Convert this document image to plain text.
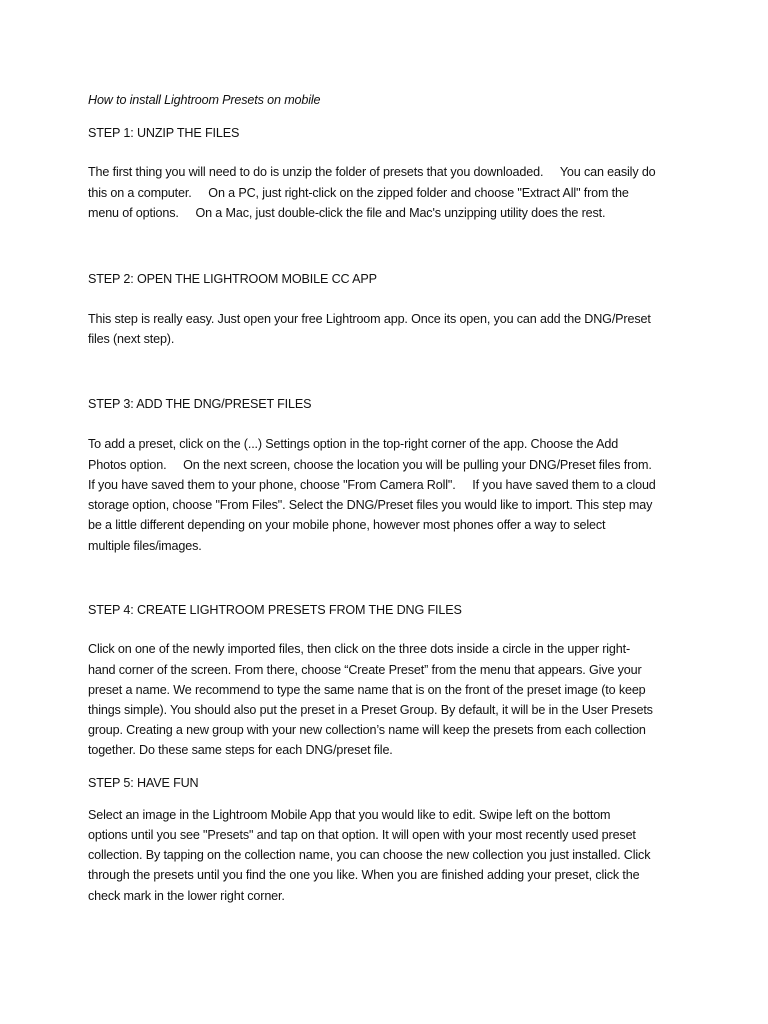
How to install Lightroom Presets on mobile
STEP 1: UNZIP THE FILES
The first thing you will need to do is unzip the folder of presets that you downloaded.     You can easily do
this on a computer.     On a PC, just right-click on the zipped folder and choose "Extract All" from the
menu of options.     On a Mac, just double-click the file and Mac's unzipping utility does the rest.
STEP 2: OPEN THE LIGHTROOM MOBILE CC APP
This step is really easy. Just open your free Lightroom app. Once its open, you can add the DNG/Preset
files (next step).
STEP 3: ADD THE DNG/PRESET FILES
To add a preset, click on the (...) Settings option in the top-right corner of the app. Choose the Add
Photos option.     On the next screen, choose the location you will be pulling your DNG/Preset files from.
If you have saved them to your phone, choose "From Camera Roll".     If you have saved them to a cloud
storage option, choose "From Files". Select the DNG/Preset files you would like to import. This step may
be a little different depending on your mobile phone, however most phones offer a way to select
multiple files/images.
STEP 4: CREATE LIGHTROOM PRESETS FROM THE DNG FILES
Click on one of the newly imported files, then click on the three dots inside a circle in the upper right-
hand corner of the screen. From there, choose “Create Preset” from the menu that appears. Give your
preset a name. We recommend to type the same name that is on the front of the preset image (to keep
things simple). You should also put the preset in a Preset Group. By default, it will be in the User Presets
group. Creating a new group with your new collection’s name will keep the presets from each collection
together. Do these same steps for each DNG/preset file.
STEP 5: HAVE FUN
Select an image in the Lightroom Mobile App that you would like to edit. Swipe left on the bottom
options until you see "Presets" and tap on that option. It will open with your most recently used preset
collection. By tapping on the collection name, you can choose the new collection you just installed. Click
through the presets until you find the one you like. When you are finished adding your preset, click the
check mark in the lower right corner.
